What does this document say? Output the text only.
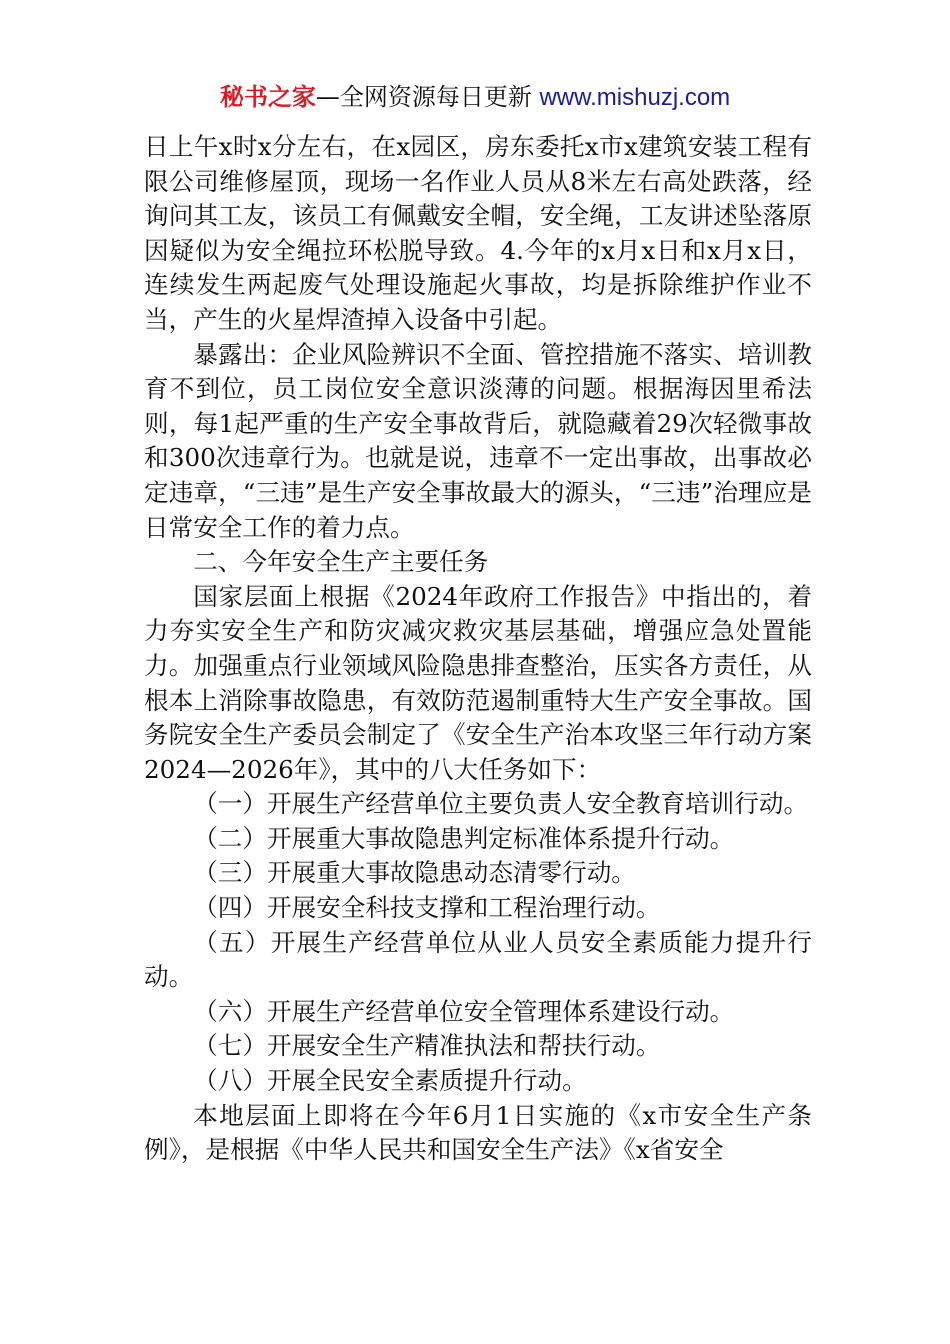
秘书之家—全网资源每日更新 www.mishuzj.com

日上午x时x分左右，在x园区，房东委托x市x建筑安装工程有限公司维修屋顶，现场一名作业人员从8米左右高处跌落，经询问其工友，该员工有佩戴安全帽，安全绳，工友讲述坠落原因疑似为安全绳拉环松脱导致。4.今年的x月x日和x月x日，连续发生两起废气处理设施起火事故，均是拆除维护作业不当，产生的火星焊渣掉入设备中引起。

暴露出：企业风险辨识不全面、管控措施不落实、培训教育不到位，员工岗位安全意识淡薄的问题。根据海因里希法则，每1起严重的生产安全事故背后，就隐藏着29次轻微事故和300次违章行为。也就是说，违章不一定出事故，出事故必定违章，“三违”是生产安全事故最大的源头，“三违”治理应是日常安全工作的着力点。

二、今年安全生产主要任务

国家层面上根据《2024年政府工作报告》中指出的，着力夯实安全生产和防灾减灾救灾基层基础，增强应急处置能力。加强重点行业领域风险隐患排查整治，压实各方责任，从根本上消除事故隐患，有效防范遏制重特大生产安全事故。国务院安全生产委员会制定了《安全生产治本攻坚三年行动方案2024—2026年》，其中的八大任务如下：

（一）开展生产经营单位主要负责人安全教育培训行动。

（二）开展重大事故隐患判定标准体系提升行动。

（三）开展重大事故隐患动态清零行动。

（四）开展安全科技支撑和工程治理行动。

（五）开展生产经营单位从业人员安全素质能力提升行动。

（六）开展生产经营单位安全管理体系建设行动。

（七）开展安全生产精准执法和帮扶行动。

（八）开展全民安全素质提升行动。

本地层面上即将在今年6月1日实施的《x市安全生产条例》，是根据《中华人民共和国安全生产法》《x省安全
